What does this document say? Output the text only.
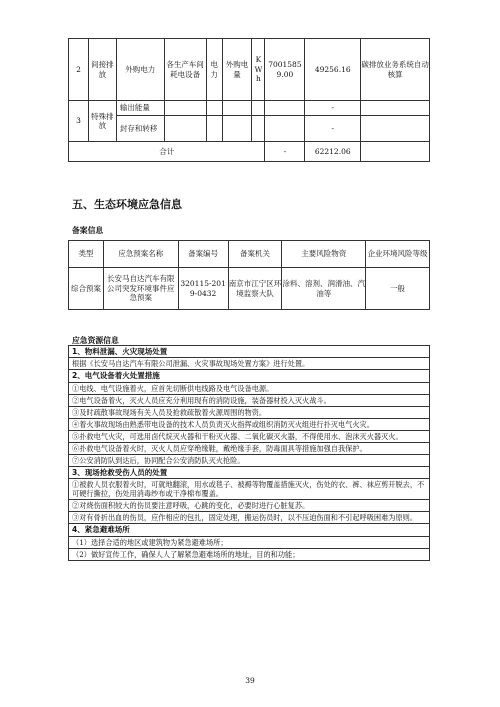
2	间接排放	外购电力	各生产车间耗电设备	电力	外购电量	KWh	70015859.00	49256.16	碳排放业务系统自动核算
3	特殊排放	输出能量						-	
		封存和转移						-	
合计							-	62212.06	
五、生态环境应急信息

备案信息

类型	应急预案名称	备案编号	备案机关	主要风险物资	企业环境风险等级
综合预案	长安马自达汽车有限公司突发环境事件应急预案	320115-2019-0432	南京市江宁区环境监察大队	涂料、溶剂、润滑油、汽油等	一般

应急资源信息

1、物料泄漏、火灾现场处置
根据《长安马自达汽车有限公司泄漏、火灾事故现场处置方案》进行处置。
2、电气设备着火处置措施
①电线、电气设施着火，应首先切断供电线路及电气设备电源。
②电气设备着火，灭火人员应充分利用现有的消防设施，装备器材投入灭火战斗。
③及时疏散事故现场有关人员及抢救疏散着火源周围的物资。
④着火事故现场由熟悉带电设备的技术人员负责灭火指挥或组织消防灭火组进行扑灭电气火灾。
⑤扑救电气火灾，可选用卤代烷灭火器和干粉灭火器、二氧化碳灭火器，不得使用水、泡沫灭火器灭火。
⑥扑救电气设备着火时，灭火人员应穿绝缘鞋，戴绝缘手套，防毒面具等措施加强自我保护。
⑦公安消防队到达后，协同配合公安消防队灭火抢险。
3、现场抢救受伤人员的处置
①被救人员衣服着火时，可就地翻滚，用水或毯子、被褥等物覆盖措施灭火，伤处的衣、裤、袜应剪开脱去，不可硬行撕拉，伤处用消毒纱布或干净棉布覆盖。
②对烧伤面积较大的伤员要注意呼吸，心跳的变化，必要时进行心脏复苏。
③对有骨折出血的伤员，应作相应的包扎，固定处理，搬运伤员时，以不压迫伤面和不引起呼吸困难为原则。
4、紧急避难场所
（1）选择合适的地区或建筑物为紧急避难场所；
（2）做好宣传工作，确保人人了解紧急避难场所的地址，目的和功能；
39
